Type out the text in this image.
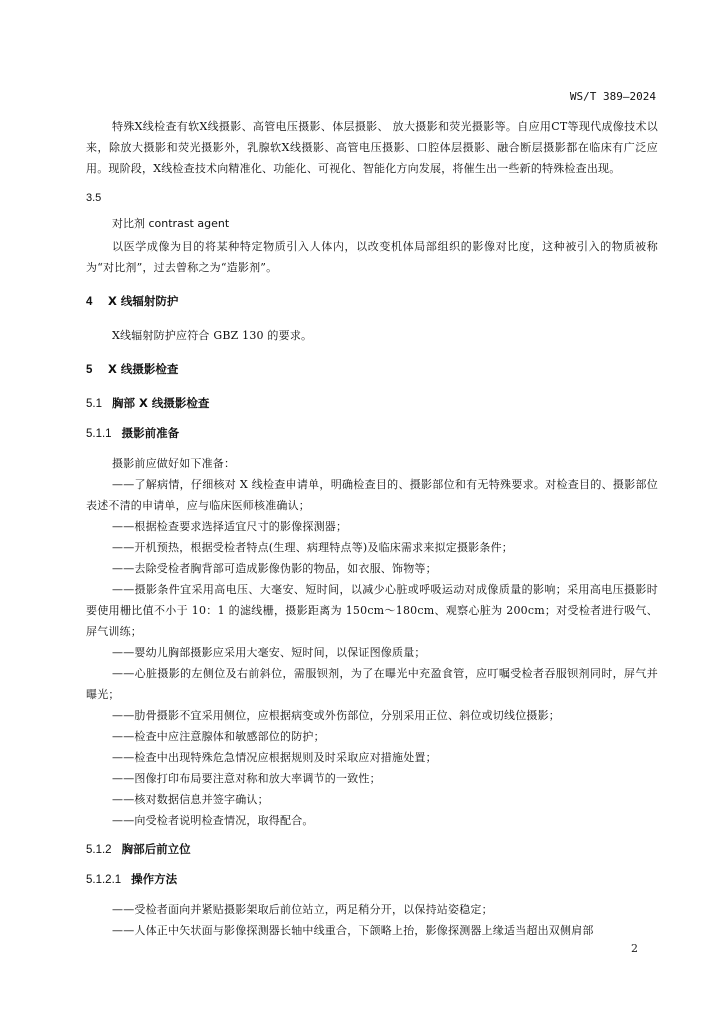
WS/T 389—2024

特殊X线检查有软X线摄影、高管电压摄影、体层摄影、 放大摄影和荧光摄影等。自应用CT等现代成像技术以来，除放大摄影和荧光摄影外，乳腺软X线摄影、高管电压摄影、口腔体层摄影、融合断层摄影都在临床有广泛应用。现阶段，X线检查技术向精准化、功能化、可视化、智能化方向发展，将催生出一些新的特殊检查出现。

3.5
对比剂 contrast agent

以医学成像为目的将某种特定物质引入人体内，以改变机体局部组织的影像对比度，这种被引入的物质被称为“对比剂”，过去曾称之为“造影剂”。

4 X 线辐射防护

X线辐射防护应符合 GBZ 130 的要求。

5 X 线摄影检查
5.1 胸部 X 线摄影检查
5.1.1 摄影前准备

摄影前应做好如下准备：

——了解病情，仔细核对 X 线检查申请单，明确检查目的、摄影部位和有无特殊要求。对检查目的、摄影部位表述不清的申请单，应与临床医师核准确认；

——根据检查要求选择适宜尺寸的影像探测器；

——开机预热，根据受检者特点(生理、病理特点等)及临床需求来拟定摄影条件；

——去除受检者胸背部可造成影像伪影的物品，如衣服、饰物等；

——摄影条件宜采用高电压、大毫安、短时间，以减少心脏或呼吸运动对成像质量的影响；采用高电压摄影时要使用栅比值不小于 10：1 的滤线栅，摄影距离为 150cm～180cm、观察心脏为 200cm；对受检者进行吸气、屏气训练；

——婴幼儿胸部摄影应采用大毫安、短时间，以保证图像质量；

——心脏摄影的左侧位及右前斜位，需服钡剂，为了在曝光中充盈食管，应叮嘱受检者吞服钡剂同时，屏气并曝光；

——肋骨摄影不宜采用侧位，应根据病变或外伤部位，分别采用正位、斜位或切线位摄影；

——检查中应注意腺体和敏感部位的防护；

——检查中出现特殊危急情况应根据规则及时采取应对措施处置；

——图像打印布局要注意对称和放大率调节的一致性；

——核对数据信息并签字确认；

——向受检者说明检查情况，取得配合。

5.1.2 胸部后前立位
5.1.2.1 操作方法

——受检者面向并紧贴摄影架取后前位站立，两足稍分开，以保持站姿稳定；

——人体正中矢状面与影像探测器长轴中线重合，下颌略上抬，影像探测器上缘适当超出双侧肩部

2
